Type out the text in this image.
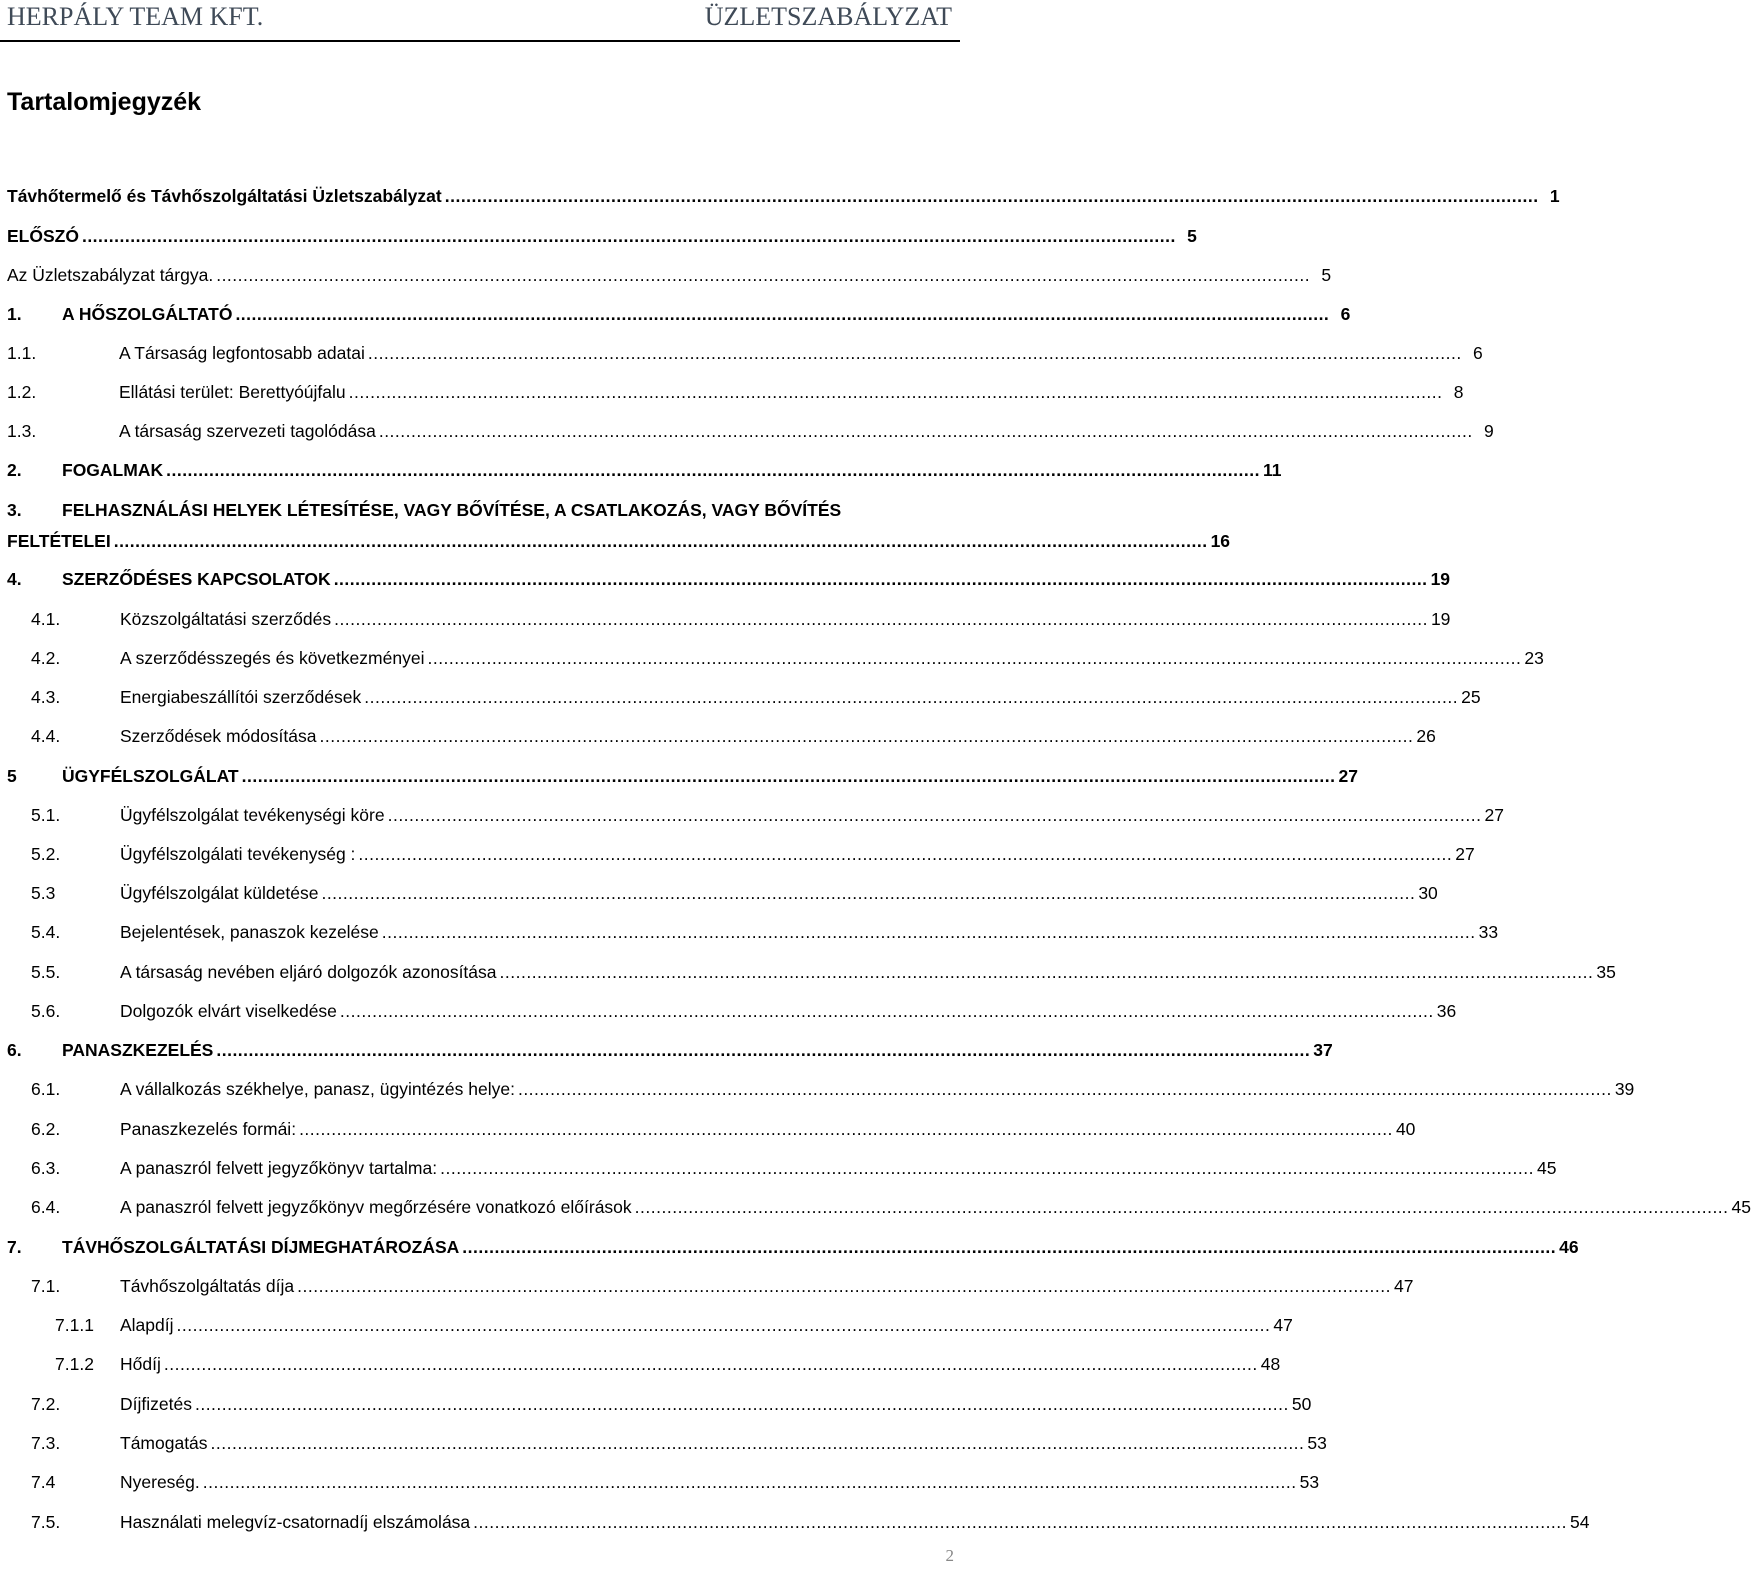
HERPÁLY TEAM KFT.	ÜZLETSZABÁLYZAT
Tartalomjegyzék
Távhőtermelő és Távhőszolgáltatási Üzletszabályzat ............................................................................................................................................................................................................ 1
ELŐSZÓ ............................................................................................................................................................................................................ 5
Az Üzletszabályzat tárgya. ............................................................................................................................................................................................................ 5
1.	A HŐSZOLGÁLTATÓ ............................................................................................................................................................................................................ 6
1.1.	A Társaság legfontosabb adatai ............................................................................................................................................................................................................ 6
1.2.	Ellátási terület: Berettyóújfalu ............................................................................................................................................................................................................ 8
1.3.	A társaság szervezeti tagolódása ............................................................................................................................................................................................................ 9
2.	FOGALMAK ............................................................................................................................................................................................................ 11
3. FELHASZNÁLÁSI HELYEK LÉTESÍTÉSE, VAGY BŐVÍTÉSE, A CSATLAKOZÁS, VAGY BŐVÍTÉS
FELTÉTELEI ............................................................................................................................................................................................................ 16
4.	SZERZŐDÉSES KAPCSOLATOK ............................................................................................................................................................................................................ 19
4.1.	Közszolgáltatási szerződés ............................................................................................................................................................................................................ 19
4.2.	A szerződésszegés és következményei ............................................................................................................................................................................................................ 23
4.3.	Energiabeszállítói szerződések ............................................................................................................................................................................................................ 25
4.4.	Szerződések módosítása ............................................................................................................................................................................................................ 26
5	ÜGYFÉLSZOLGÁLAT ............................................................................................................................................................................................................ 27
5.1.	Ügyfélszolgálat tevékenységi köre ............................................................................................................................................................................................................ 27
5.2.	Ügyfélszolgálati tevékenység : ............................................................................................................................................................................................................ 27
5.3	Ügyfélszolgálat küldetése ............................................................................................................................................................................................................ 30
5.4.	Bejelentések, panaszok kezelése ............................................................................................................................................................................................................ 33
5.5.	A társaság nevében eljáró dolgozók azonosítása ............................................................................................................................................................................................................ 35
5.6.	Dolgozók elvárt viselkedése ............................................................................................................................................................................................................ 36
6.	PANASZKEZELÉS ............................................................................................................................................................................................................ 37
6.1.	A vállalkozás székhelye, panasz, ügyintézés helye: ............................................................................................................................................................................................................ 39
6.2.	Panaszkezelés formái: ............................................................................................................................................................................................................ 40
6.3.	A panaszról felvett jegyzőkönyv tartalma: ............................................................................................................................................................................................................ 45
6.4.	A panaszról felvett jegyzőkönyv megőrzésére vonatkozó előírások ............................................................................................................................................................................................................ 45
7.	TÁVHŐSZOLGÁLTATÁSI DÍJMEGHATÁROZÁSA ............................................................................................................................................................................................................ 46
7.1.	Távhőszolgáltatás díja ............................................................................................................................................................................................................ 47
7.1.1	Alapdíj ............................................................................................................................................................................................................ 47
7.1.2	Hődíj ............................................................................................................................................................................................................ 48
7.2.	Díjfizetés ............................................................................................................................................................................................................ 50
7.3.	Támogatás ............................................................................................................................................................................................................ 53
7.4	Nyereség. ............................................................................................................................................................................................................ 53
7.5.	Használati melegvíz-csatornadíj elszámolása ............................................................................................................................................................................................................ 54
2
